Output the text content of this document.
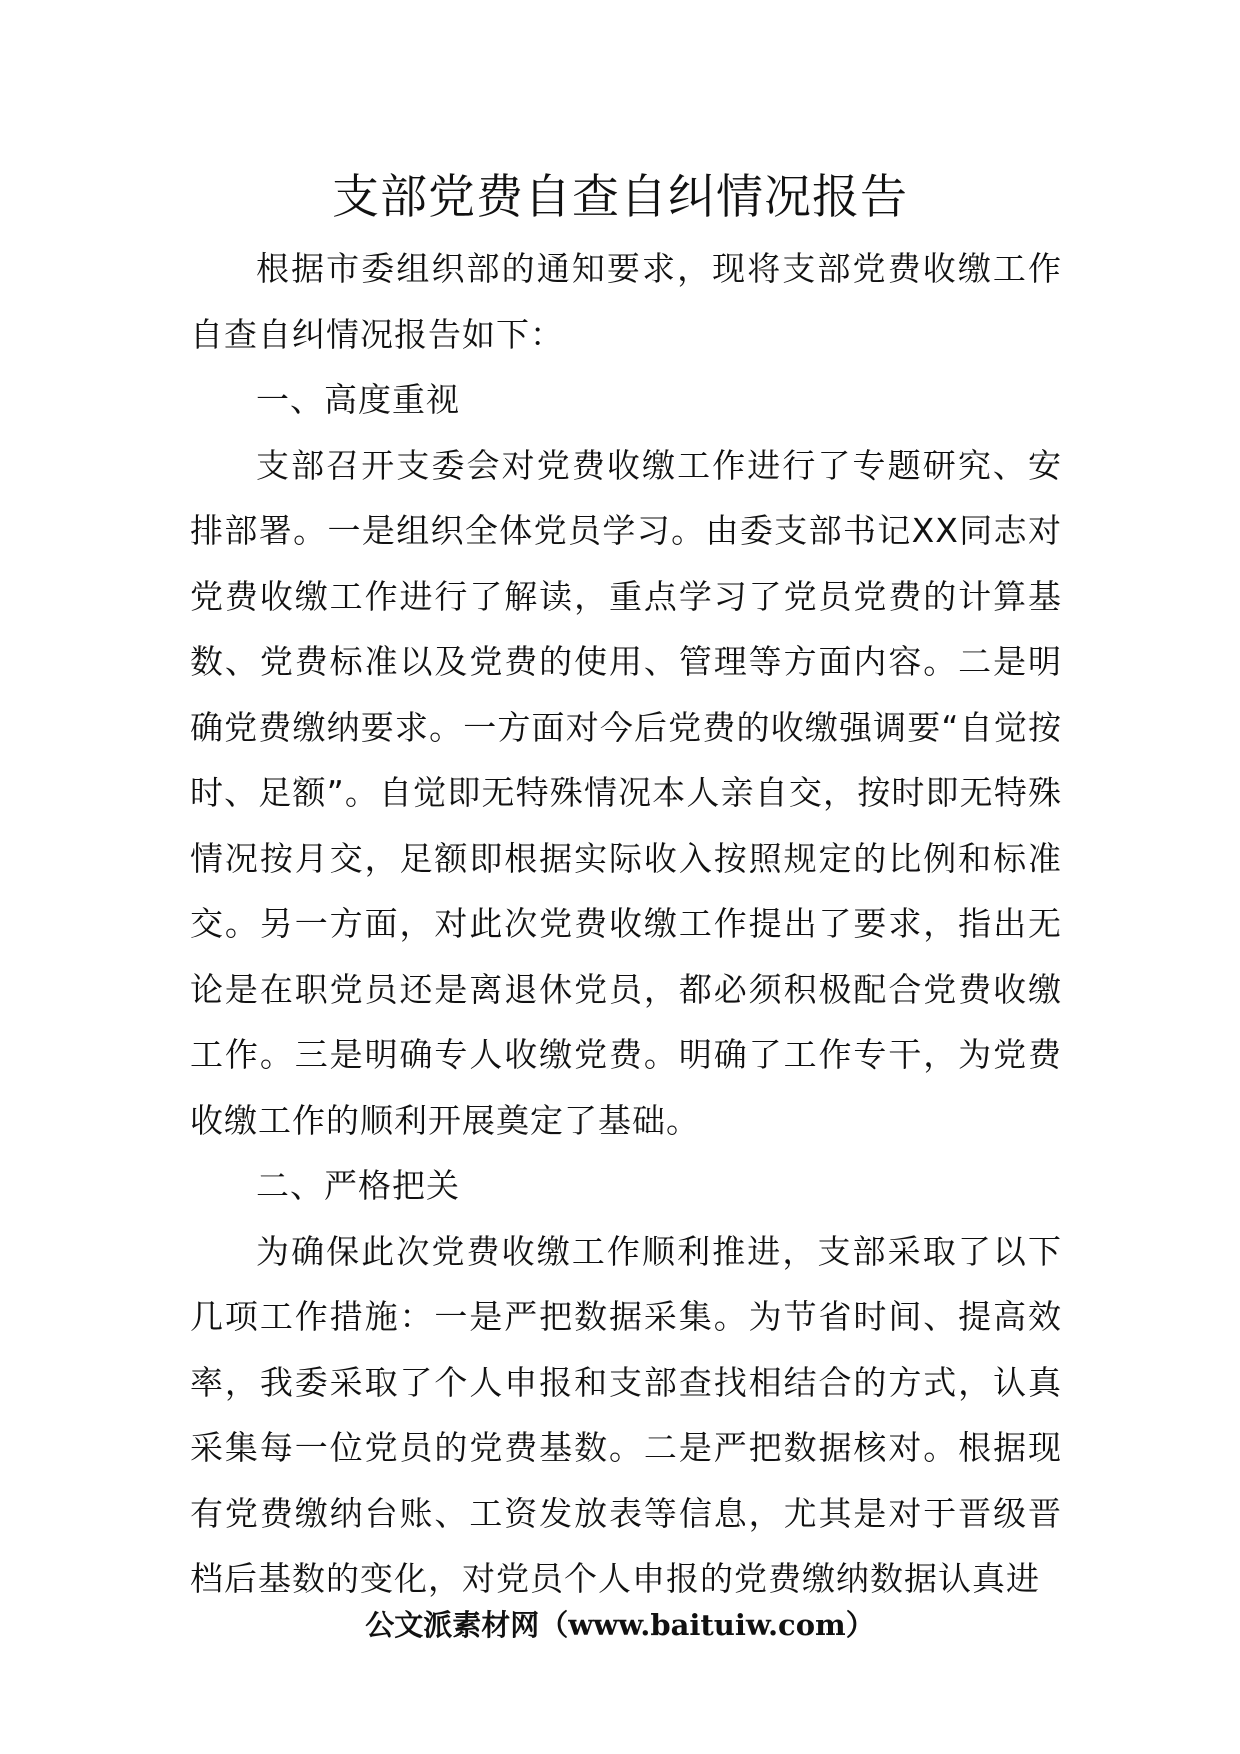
支部党费自查自纠情况报告

根据市委组织部的通知要求，现将支部党费收缴工作自查自纠情况报告如下：

一、高度重视

支部召开支委会对党费收缴工作进行了专题研究、安排部署。一是组织全体党员学习。由委支部书记XX同志对党费收缴工作进行了解读，重点学习了党员党费的计算基数、党费标准以及党费的使用、管理等方面内容。二是明确党费缴纳要求。一方面对今后党费的收缴强调要“自觉按时、足额”。自觉即无特殊情况本人亲自交，按时即无特殊情况按月交，足额即根据实际收入按照规定的比例和标准交。另一方面，对此次党费收缴工作提出了要求，指出无论是在职党员还是离退休党员，都必须积极配合党费收缴工作。三是明确专人收缴党费。明确了工作专干，为党费收缴工作的顺利开展奠定了基础。

二、严格把关

为确保此次党费收缴工作顺利推进，支部采取了以下几项工作措施：一是严把数据采集。为节省时间、提高效率，我委采取了个人申报和支部查找相结合的方式，认真采集每一位党员的党费基数。二是严把数据核对。根据现有党费缴纳台账、工资发放表等信息，尤其是对于晋级晋档后基数的变化，对党员个人申报的党费缴纳数据认真进

公文派素材网（www.baituiw.com）
